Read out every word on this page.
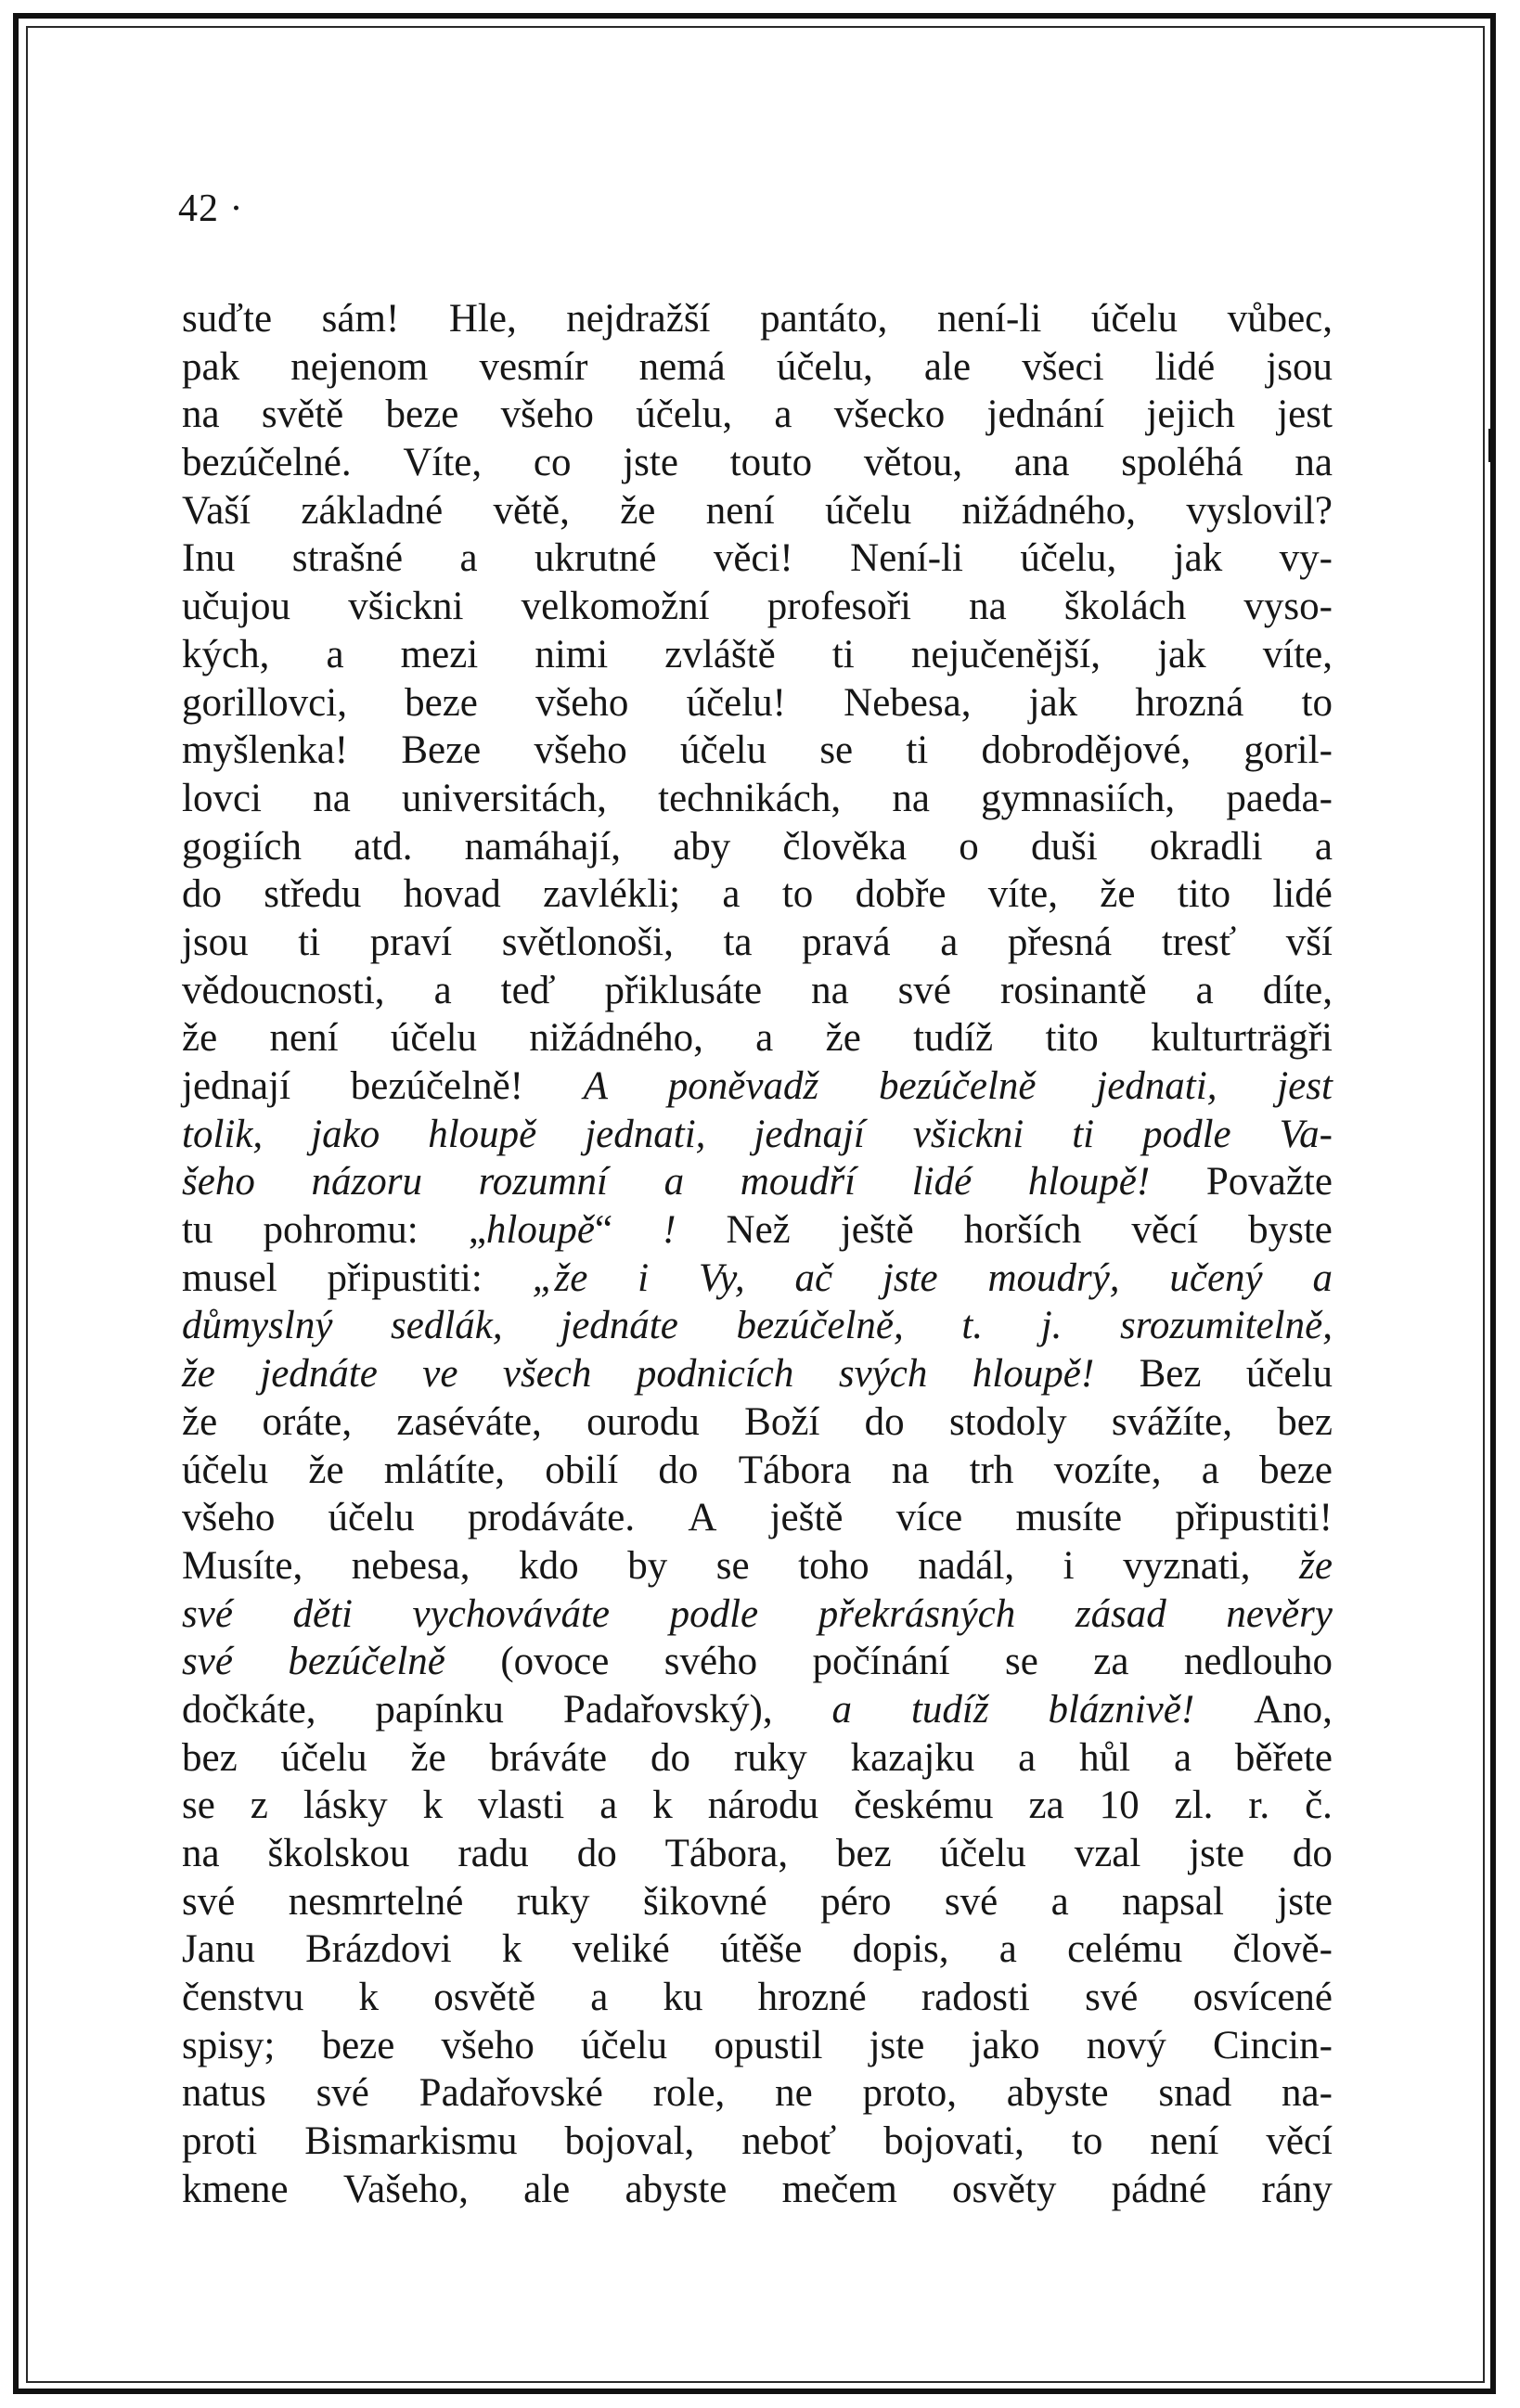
42 ·
suďte sám! Hle, nejdražší pantáto, není-li účelu vůbec,
pak nejenom vesmír nemá účelu, ale všeci lidé jsou
na světě beze všeho účelu, a všecko jednání jejich jest
bezúčelné. Víte, co jste touto větou, ana spoléhá na
Vaší základné větě, že není účelu nižádného, vyslovil?
Inu strašné a ukrutné věci! Není-li účelu, jak vy-
učujou všickni velkomožní profesoři na školách vyso-
kých, a mezi nimi zvláště ti nejučenější, jak víte,
gorillovci, beze všeho účelu! Nebesa, jak hrozná to
myšlenka! Beze všeho účelu se ti dobrodějové, goril-
lovci na universitách, technikách, na gymnasiích, paeda-
gogiích atd. namáhají, aby člověka o duši okradli a
do středu hovad zavlékli; a to dobře víte, že tito lidé
jsou ti praví světlonoši, ta pravá a přesná tresť vší
vědoucnosti, a teď přiklusáte na své rosinantě a díte,
že není účelu nižádného, a že tudíž tito kulturträgři
jednají bezúčelně! A poněvadž bezúčelně jednati, jest
tolik, jako hloupě jednati, jednají všickni ti podle Va-
šeho názoru rozumní a moudří lidé hloupě! Považte
tu pohromu: „hloupě“ ! Než ještě horších věcí byste
musel připustiti: „že i Vy, ač jste moudrý, učený a
důmyslný sedlák, jednáte bezúčelně, t. j. srozumitelně,
že jednáte ve všech podnicích svých hloupě! Bez účelu
že oráte, zaséváte, ourodu Boží do stodoly svážíte, bez
účelu že mlátíte, obilí do Tábora na trh vozíte, a beze
všeho účelu prodáváte. A ještě více musíte připustiti!
Musíte, nebesa, kdo by se toho nadál, i vyznati, že
své děti vychováváte podle překrásných zásad nevěry
své bezúčelně (ovoce svého počínání se za nedlouho
dočkáte, papínku Padařovský), a tudíž bláznivě! Ano,
bez účelu že bráváte do ruky kazajku a hůl a běřete
se z lásky k vlasti a k národu českému za 10 zl. r. č.
na školskou radu do Tábora, bez účelu vzal jste do
své nesmrtelné ruky šikovné péro své a napsal jste
Janu Brázdovi k veliké útěše dopis, a celému člově-
čenstvu k osvětě a ku hrozné radosti své osvícené
spisy; beze všeho účelu opustil jste jako nový Cincin-
natus své Padařovské role, ne proto, abyste snad na-
proti Bismarkismu bojoval, neboť bojovati, to není věcí
kmene Vašeho, ale abyste mečem osvěty pádné rány
